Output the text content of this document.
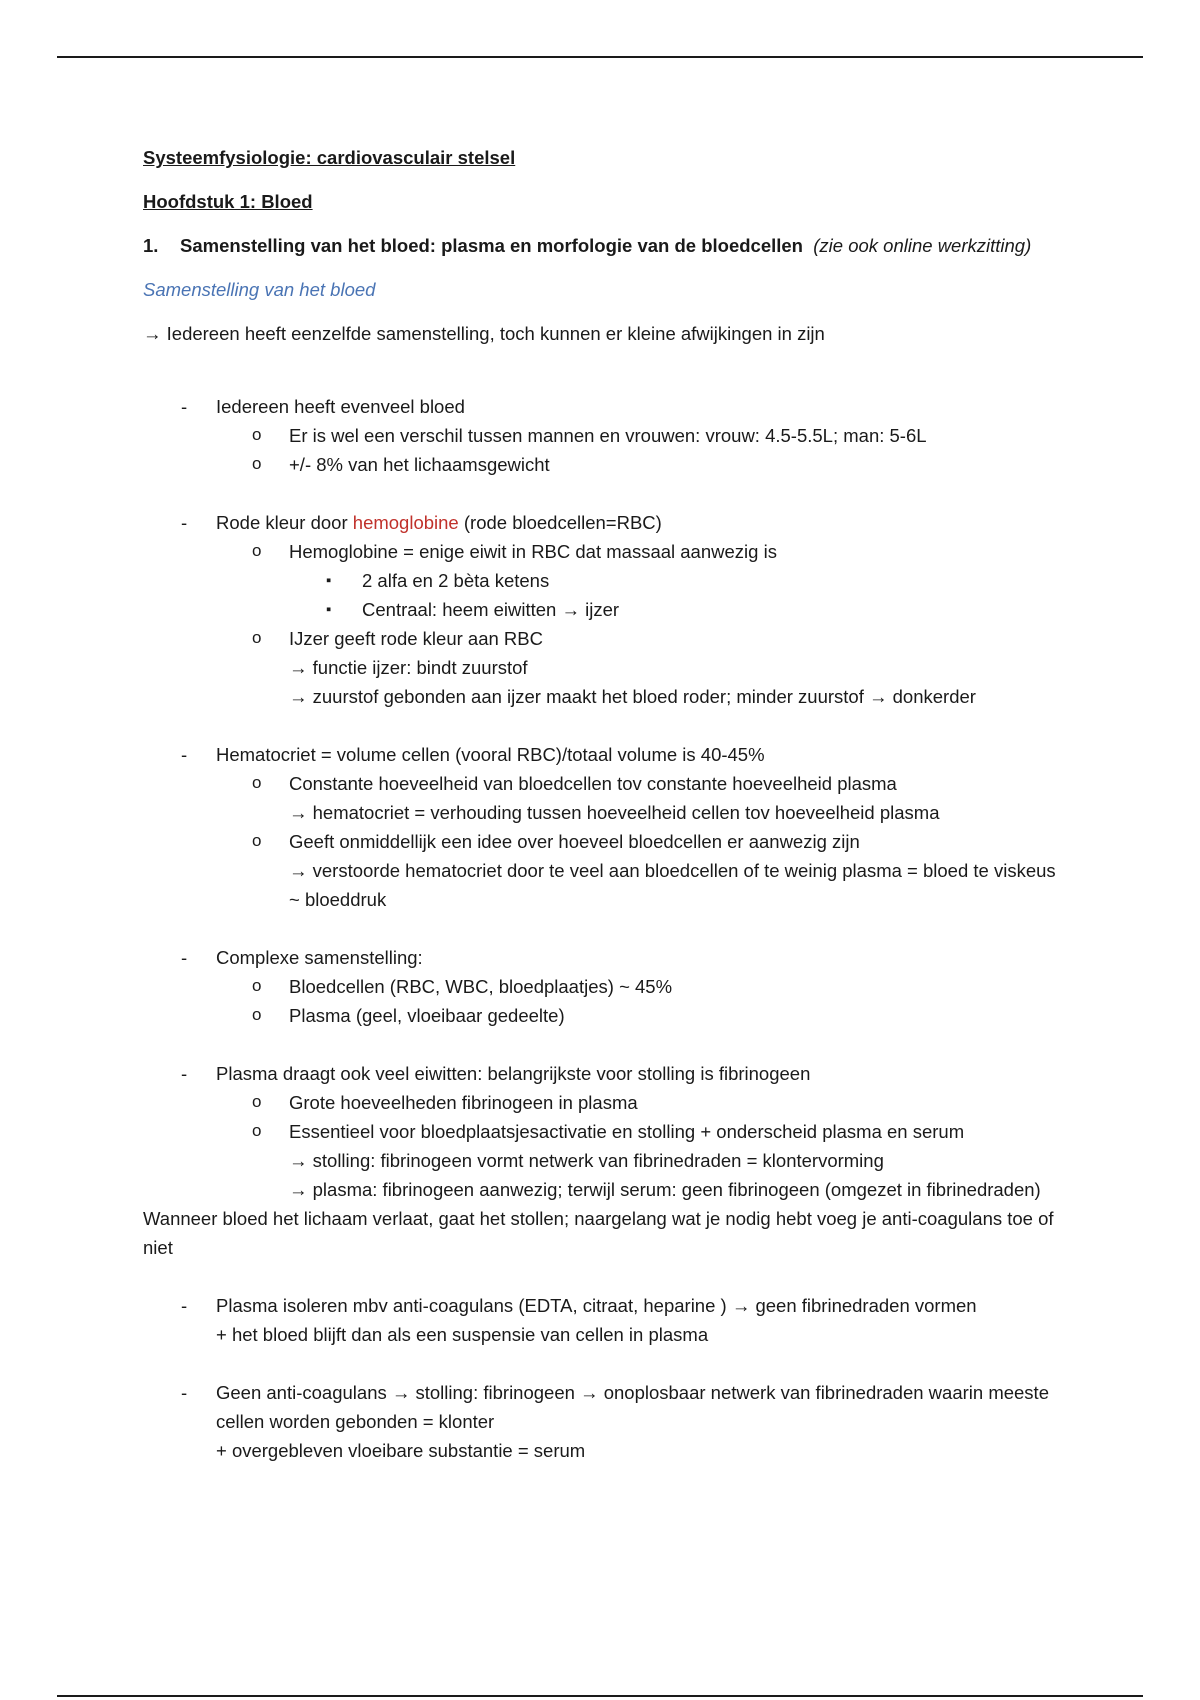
Systeemfysiologie: cardiovasculair stelsel
Hoofdstuk 1: Bloed
1.	Samenstelling van het bloed: plasma en morfologie van de bloedcellen (zie ook online werkzitting)
Samenstelling van het bloed

→ Iedereen heeft eenzelfde samenstelling, toch kunnen er kleine afwijkingen in zijn

- Iedereen heeft evenveel bloed
o Er is wel een verschil tussen mannen en vrouwen: vrouw: 4.5-5.5L; man: 5-6L
o +/- 8% van het lichaamsgewicht
- Rode kleur door hemoglobine (rode bloedcellen=RBC)
o Hemoglobine = enige eiwit in RBC dat massaal aanwezig is
▪ 2 alfa en 2 bèta ketens
▪ Centraal: heem eiwitten → ijzer
o IJzer geeft rode kleur aan RBC
→ functie ijzer: bindt zuurstof
→ zuurstof gebonden aan ijzer maakt het bloed roder; minder zuurstof → donkerder
- Hematocriet = volume cellen (vooral RBC)/totaal volume is 40-45%
o Constante hoeveelheid van bloedcellen tov constante hoeveelheid plasma
→ hematocriet = verhouding tussen hoeveelheid cellen tov hoeveelheid plasma
o Geeft onmiddellijk een idee over hoeveel bloedcellen er aanwezig zijn
→ verstoorde hematocriet door te veel aan bloedcellen of te weinig plasma = bloed te viskeus ~ bloeddruk
- Complexe samenstelling:
o Bloedcellen (RBC, WBC, bloedplaatjes) ~ 45%
o Plasma (geel, vloeibaar gedeelte)
- Plasma draagt ook veel eiwitten: belangrijkste voor stolling is fibrinogeen
o Grote hoeveelheden fibrinogeen in plasma
o Essentieel voor bloedplaatsjesactivatie en stolling + onderscheid plasma en serum
→ stolling: fibrinogeen vormt netwerk van fibrinedraden = klontervorming
→ plasma: fibrinogeen aanwezig; terwijl serum: geen fibrinogeen (omgezet in fibrinedraden)

Wanneer bloed het lichaam verlaat, gaat het stollen; naargelang wat je nodig hebt voeg je anti-coagulans toe of niet

- Plasma isoleren mbv anti-coagulans (EDTA, citraat, heparine ) → geen fibrinedraden vormen
+ het bloed blijft dan als een suspensie van cellen in plasma
- Geen anti-coagulans → stolling: fibrinogeen → onoplosbaar netwerk van fibrinedraden waarin meeste cellen worden gebonden = klonter
+ overgebleven vloeibare substantie = serum
